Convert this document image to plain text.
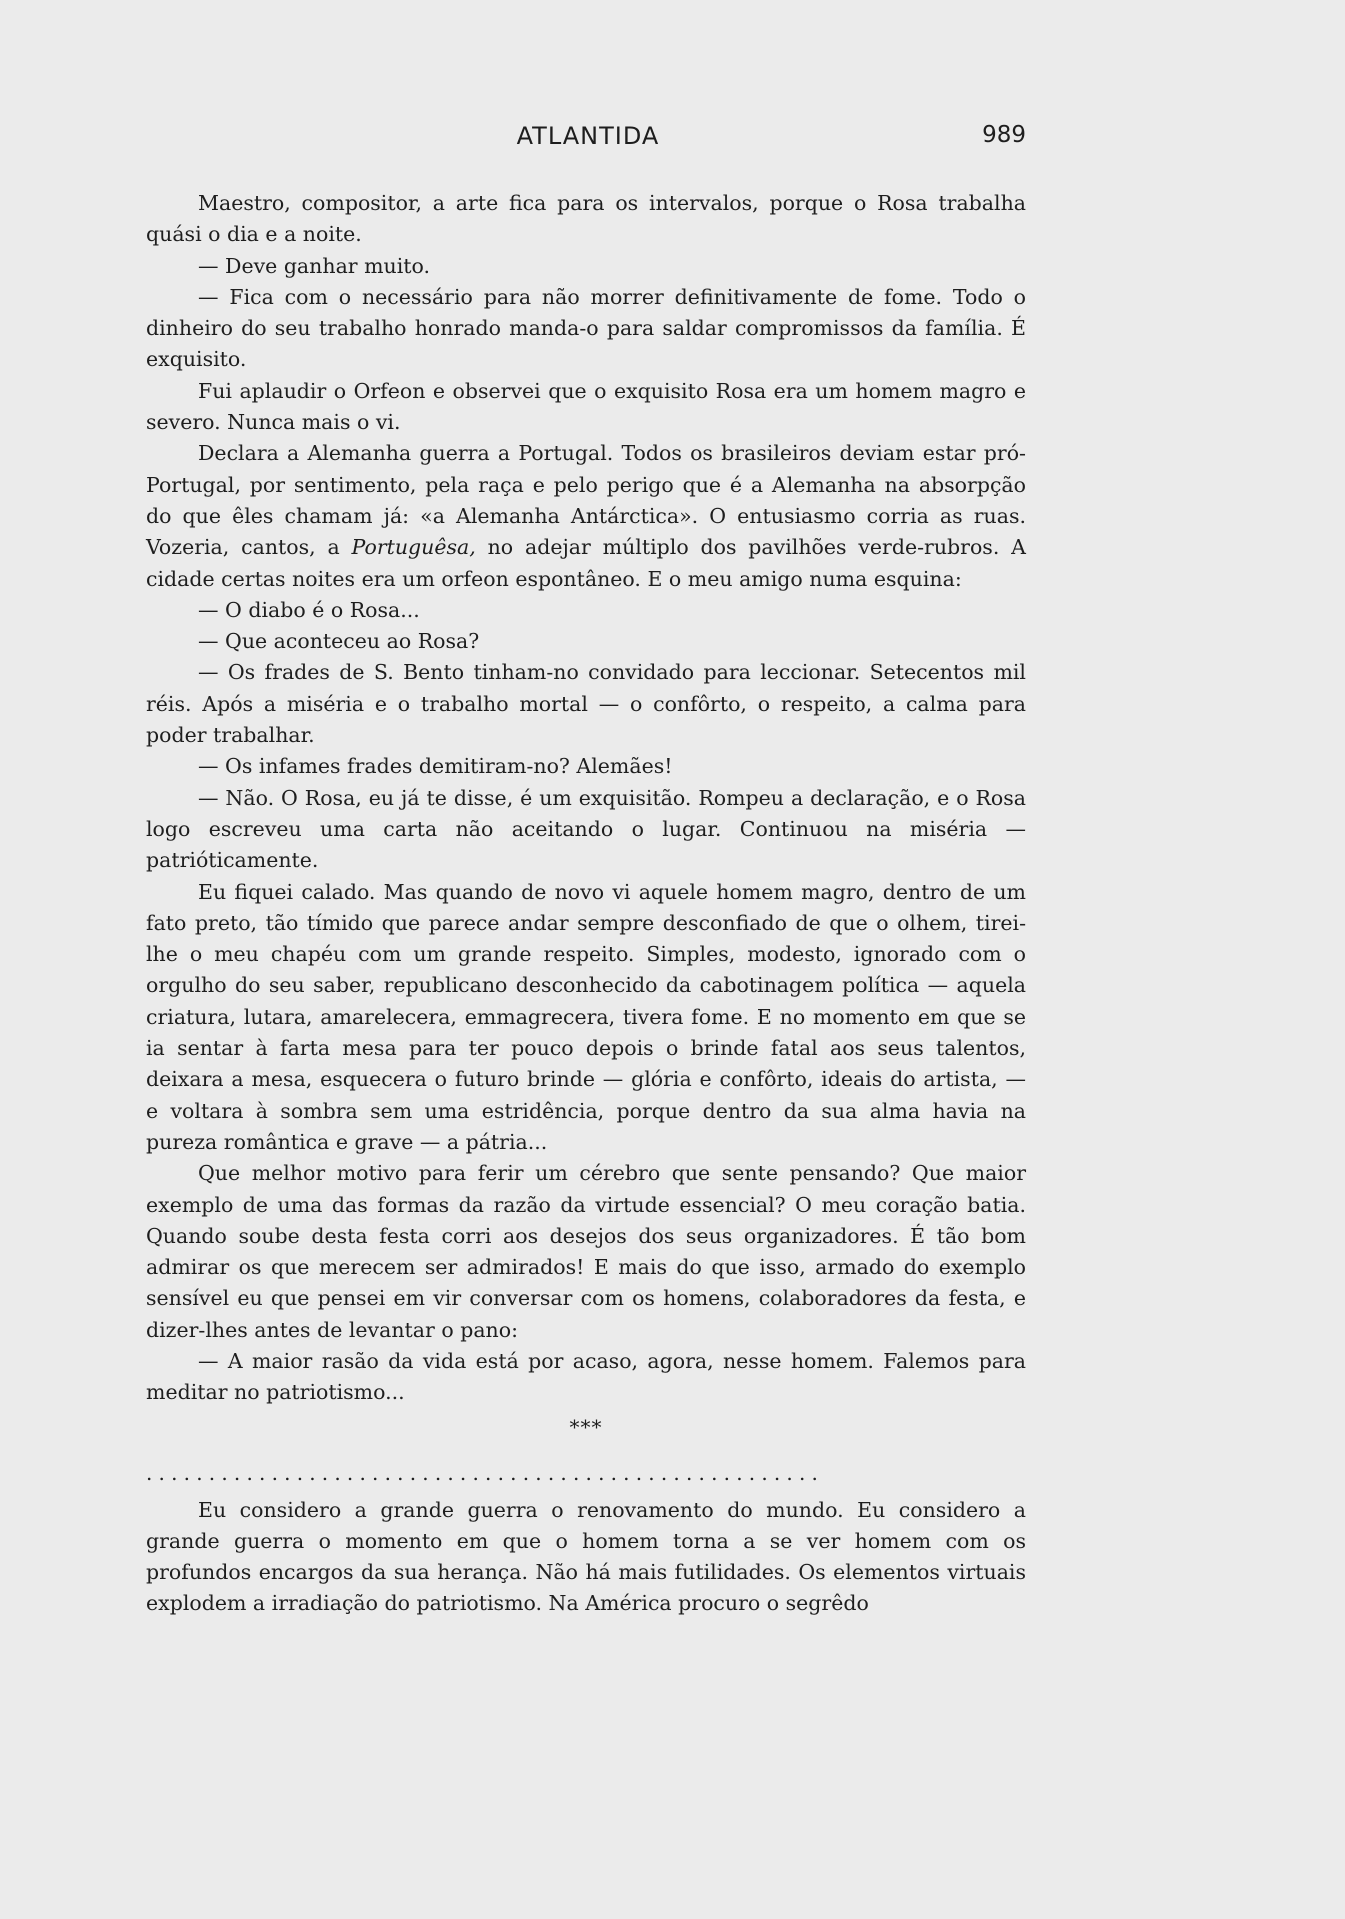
ATLANTIDA	989

Maestro, compositor, a arte fica para os intervalos, porque o Rosa trabalha quási o dia e a noite.

— Deve ganhar muito.

— Fica com o necessário para não morrer definitivamente de fome. Todo o dinheiro do seu trabalho honrado manda-o para saldar compromissos da família. É exquisito.

Fui aplaudir o Orfeon e observei que o exquisito Rosa era um homem magro e severo. Nunca mais o vi.

Declara a Alemanha guerra a Portugal. Todos os brasileiros deviam estar pró-Portugal, por sentimento, pela raça e pelo perigo que é a Alemanha na absorpção do que êles chamam já: «a Alemanha Antárctica». O entusiasmo corria as ruas. Vozeria, cantos, a Portuguêsa, no adejar múltiplo dos pavilhões verde-rubros. A cidade certas noites era um orfeon espontâneo. E o meu amigo numa esquina:

— O diabo é o Rosa...

— Que aconteceu ao Rosa?

— Os frades de S. Bento tinham-no convidado para leccionar. Setecentos mil réis. Após a miséria e o trabalho mortal — o confôrto, o respeito, a calma para poder trabalhar.

— Os infames frades demitiram-no? Alemães!

— Não. O Rosa, eu já te disse, é um exquisitão. Rompeu a declaração, e o Rosa logo escreveu uma carta não aceitando o lugar. Continuou na miséria — patrióticamente.

Eu fiquei calado. Mas quando de novo vi aquele homem magro, dentro de um fato preto, tão tímido que parece andar sempre desconfiado de que o olhem, tirei-lhe o meu chapéu com um grande respeito. Simples, modesto, ignorado com o orgulho do seu saber, republicano desconhecido da cabotinagem política — aquela criatura, lutara, amarelecera, emmagrecera, tivera fome. E no momento em que se ia sentar à farta mesa para ter pouco depois o brinde fatal aos seus talentos, deixara a mesa, esquecera o futuro brinde — glória e confôrto, ideais do artista, — e voltara à sombra sem uma estridência, porque dentro da sua alma havia na pureza romântica e grave — a pátria...

Que melhor motivo para ferir um cérebro que sente pensando? Que maior exemplo de uma das formas da razão da virtude essencial? O meu coração batia. Quando soube desta festa corri aos desejos dos seus organizadores. É tão bom admirar os que merecem ser admirados! E mais do que isso, armado do exemplo sensível eu que pensei em vir conversar com os homens, colaboradores da festa, e dizer-lhes antes de levantar o pano:

— A maior rasão da vida está por acaso, agora, nesse homem. Falemos para meditar no patriotismo...

***
......................................................

Eu considero a grande guerra o renovamento do mundo. Eu considero a grande guerra o momento em que o homem torna a se ver homem com os profundos encargos da sua herança. Não há mais futilidades. Os elementos virtuais explodem a irradiação do patriotismo. Na América procuro o segrêdo
